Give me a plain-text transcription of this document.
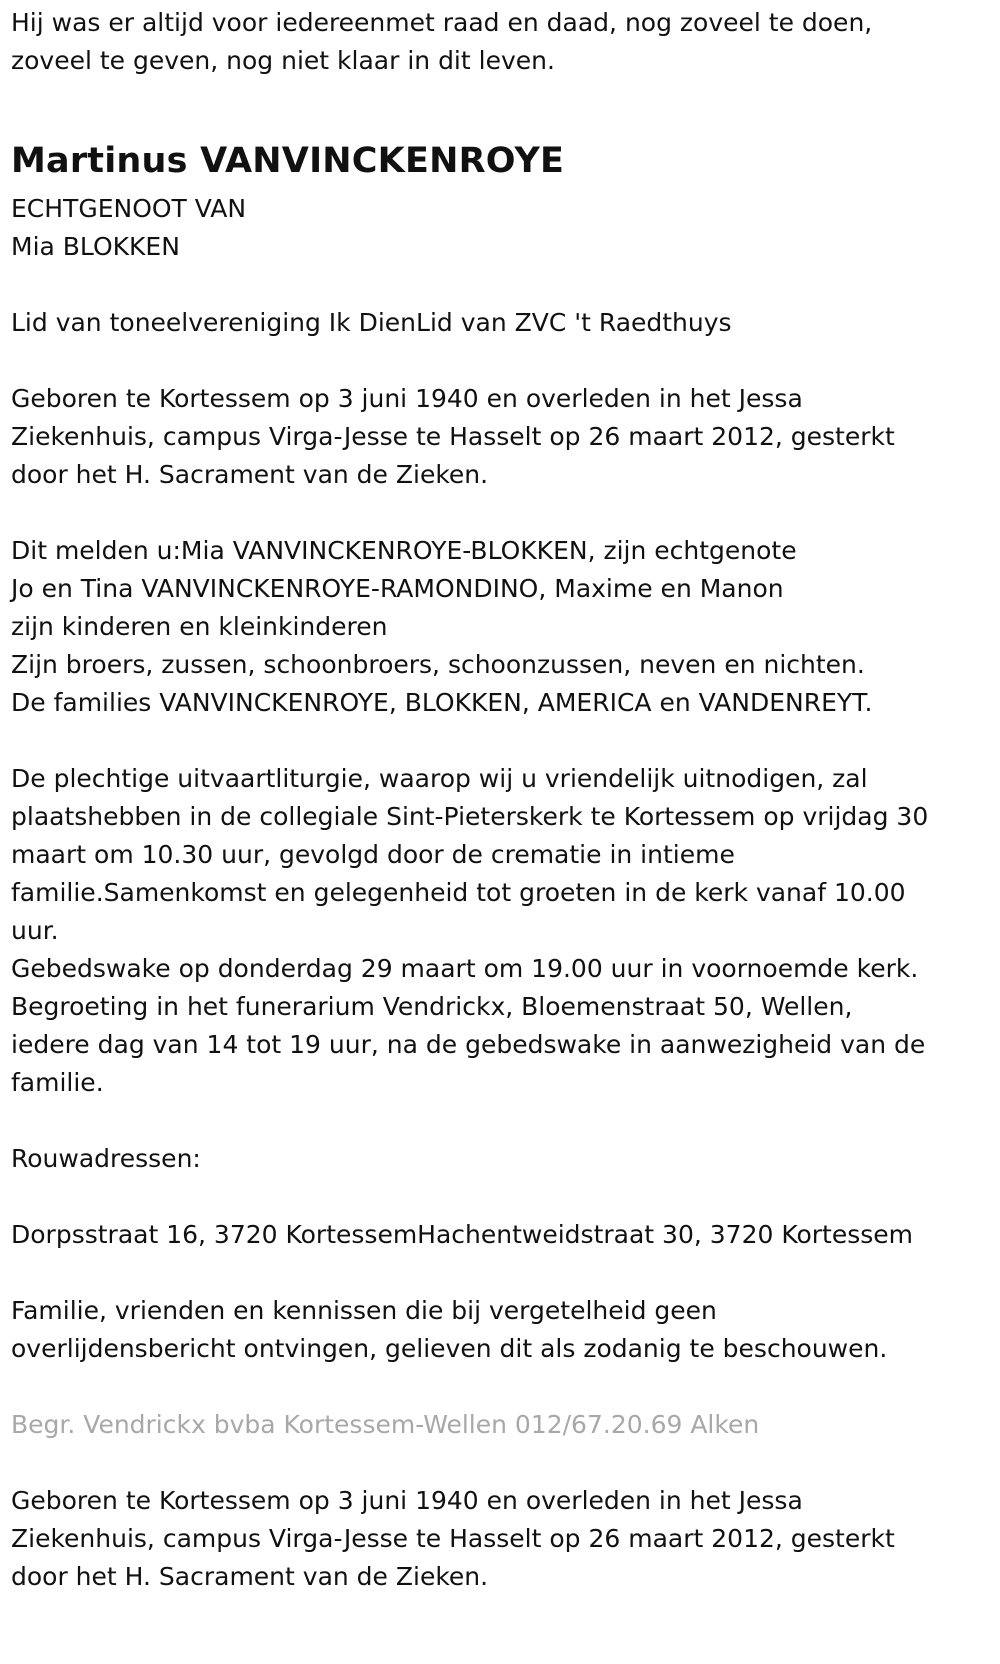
Hij was er altijd voor iedereenmet raad en daad, nog zoveel te doen,

zoveel te geven, nog niet klaar in dit leven.

Martinus VANVINCKENROYE

ECHTGENOOT VAN

Mia BLOKKEN

Lid van toneelvereniging Ik DienLid van ZVC 't Raedthuys

Geboren te Kortessem op 3 juni 1940 en overleden in het Jessa

Ziekenhuis, campus Virga-Jesse te Hasselt op 26 maart 2012, gesterkt

door het H. Sacrament van de Zieken.

Dit melden u:Mia VANVINCKENROYE-BLOKKEN, zijn echtgenote

Jo en Tina VANVINCKENROYE-RAMONDINO, Maxime en Manon

zijn kinderen en kleinkinderen

Zijn broers, zussen, schoonbroers, schoonzussen, neven en nichten.

De families VANVINCKENROYE, BLOKKEN, AMERICA en VANDENREYT.

De plechtige uitvaartliturgie, waarop wij u vriendelijk uitnodigen, zal

plaatshebben in de collegiale Sint-Pieterskerk te Kortessem op vrijdag 30

maart om 10.30 uur, gevolgd door de crematie in intieme

familie.Samenkomst en gelegenheid tot groeten in de kerk vanaf 10.00

uur.

Gebedswake op donderdag 29 maart om 19.00 uur in voornoemde kerk.

Begroeting in het funerarium Vendrickx, Bloemenstraat 50, Wellen,

iedere dag van 14 tot 19 uur, na de gebedswake in aanwezigheid van de

familie.

Rouwadressen:

Dorpsstraat 16, 3720 KortessemHachentweidstraat 30, 3720 Kortessem

Familie, vrienden en kennissen die bij vergetelheid geen

overlijdensbericht ontvingen, gelieven dit als zodanig te beschouwen.

Begr. Vendrickx bvba Kortessem-Wellen 012/67.20.69 Alken

Geboren te Kortessem op 3 juni 1940 en overleden in het Jessa

Ziekenhuis, campus Virga-Jesse te Hasselt op 26 maart 2012, gesterkt

door het H. Sacrament van de Zieken.
